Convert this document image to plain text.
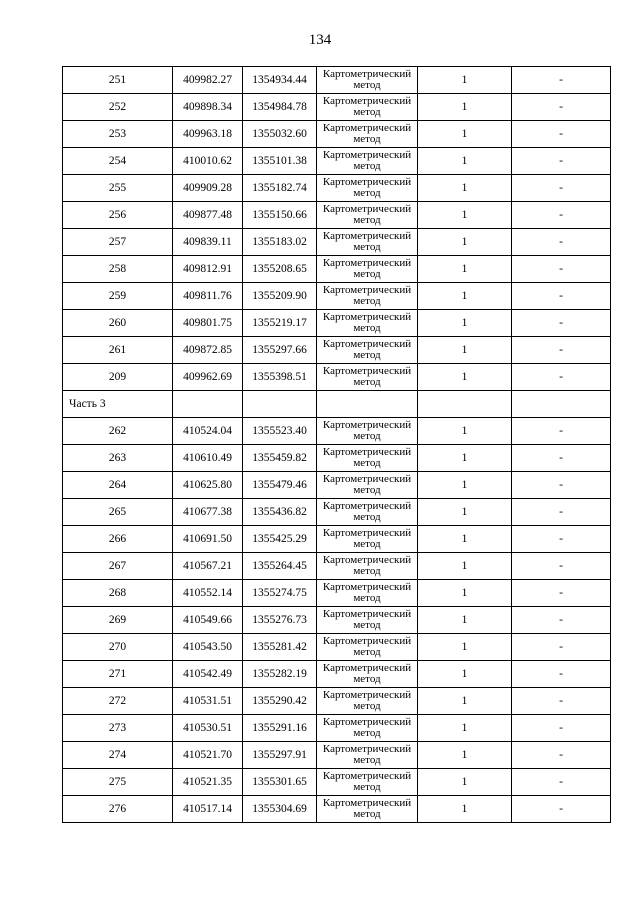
134
251	409982.27	1354934.44	Картометрический метод	1	-
252	409898.34	1354984.78	Картометрический метод	1	-
253	409963.18	1355032.60	Картометрический метод	1	-
254	410010.62	1355101.38	Картометрический метод	1	-
255	409909.28	1355182.74	Картометрический метод	1	-
256	409877.48	1355150.66	Картометрический метод	1	-
257	409839.11	1355183.02	Картометрический метод	1	-
258	409812.91	1355208.65	Картометрический метод	1	-
259	409811.76	1355209.90	Картометрический метод	1	-
260	409801.75	1355219.17	Картометрический метод	1	-
261	409872.85	1355297.66	Картометрический метод	1	-
209	409962.69	1355398.51	Картометрический метод	1	-
Часть 3					
262	410524.04	1355523.40	Картометрический метод	1	-
263	410610.49	1355459.82	Картометрический метод	1	-
264	410625.80	1355479.46	Картометрический метод	1	-
265	410677.38	1355436.82	Картометрический метод	1	-
266	410691.50	1355425.29	Картометрический метод	1	-
267	410567.21	1355264.45	Картометрический метод	1	-
268	410552.14	1355274.75	Картометрический метод	1	-
269	410549.66	1355276.73	Картометрический метод	1	-
270	410543.50	1355281.42	Картометрический метод	1	-
271	410542.49	1355282.19	Картометрический метод	1	-
272	410531.51	1355290.42	Картометрический метод	1	-
273	410530.51	1355291.16	Картометрический метод	1	-
274	410521.70	1355297.91	Картометрический метод	1	-
275	410521.35	1355301.65	Картометрический метод	1	-
276	410517.14	1355304.69	Картометрический метод	1	-
